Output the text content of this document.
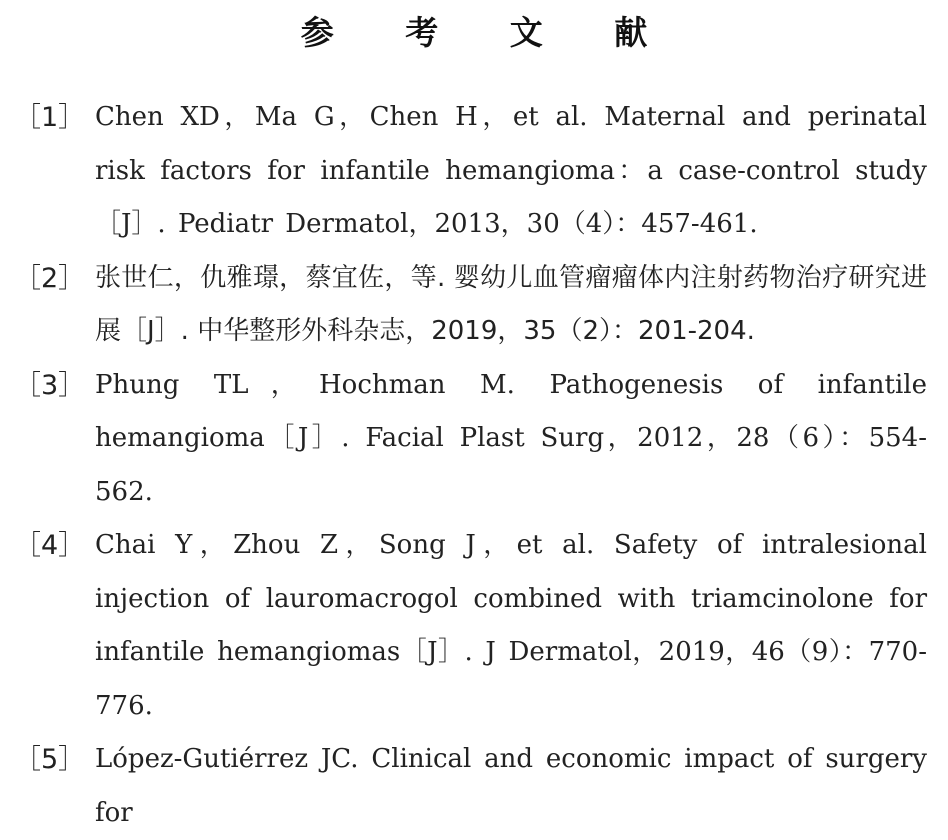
参 考 文 献
［1］ Chen XD，Ma G，Chen H，et al. Maternal and perinatal risk factors for infantile hemangioma：a case-control study［J］. Pediatr Dermatol，2013，30（4）：457-461.
［2］ 张世仁，仇雅璟，蔡宜佐，等. 婴幼儿血管瘤瘤体内注射药物治疗研究进展［J］. 中华整形外科杂志，2019，35（2）：201-204.
［3］ Phung TL，Hochman M. Pathogenesis of infantile hemangioma［J］. Facial Plast Surg，2012，28（6）：554-562.
［4］ Chai Y，Zhou Z，Song J，et al. Safety of intralesional injection of lauromacrogol combined with triamcinolone for infantile hemangiomas［J］. J Dermatol，2019，46（9）：770-776.
［5］ López-Gutiérrez JC. Clinical and economic impact of surgery for
